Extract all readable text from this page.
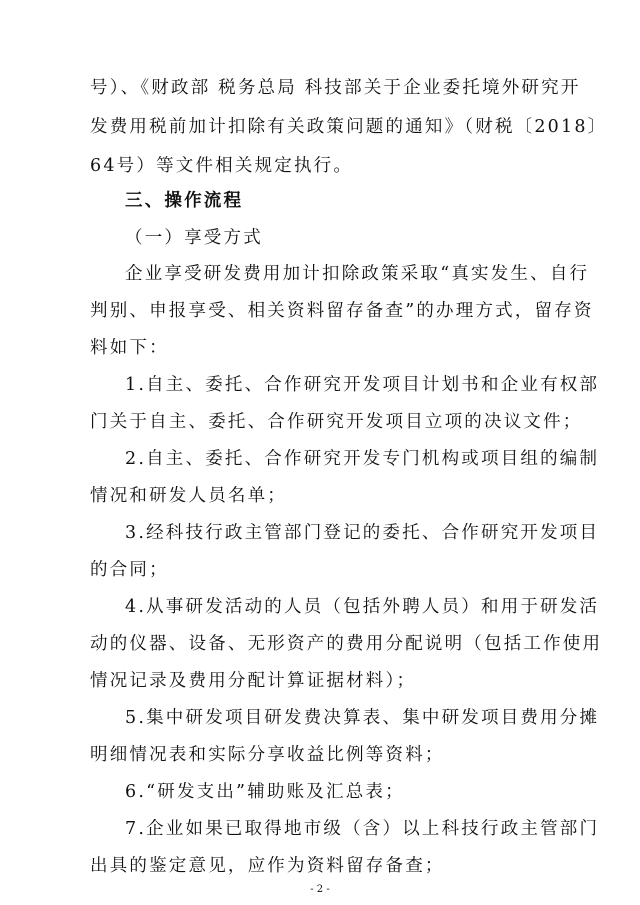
号）、《财政部 税务总局 科技部关于企业委托境外研究开
发费用税前加计扣除有关政策问题的通知》（财税〔2018〕
64号）等文件相关规定执行。
三、操作流程
（一）享受方式
企业享受研发费用加计扣除政策采取“真实发生、自行
判别、申报享受、相关资料留存备查”的办理方式，留存资
料如下：
1.自主、委托、合作研究开发项目计划书和企业有权部
门关于自主、委托、合作研究开发项目立项的决议文件；
2.自主、委托、合作研究开发专门机构或项目组的编制
情况和研发人员名单；
3.经科技行政主管部门登记的委托、合作研究开发项目
的合同；
4.从事研发活动的人员（包括外聘人员）和用于研发活
动的仪器、设备、无形资产的费用分配说明（包括工作使用
情况记录及费用分配计算证据材料）；
5.集中研发项目研发费决算表、集中研发项目费用分摊
明细情况表和实际分享收益比例等资料；
6.“研发支出”辅助账及汇总表；
7.企业如果已取得地市级（含）以上科技行政主管部门
出具的鉴定意见，应作为资料留存备查；
- 2 -
